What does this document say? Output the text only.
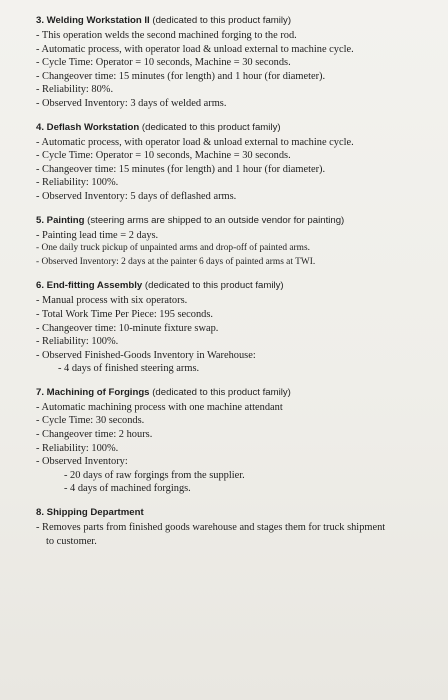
3. Welding Workstation II (dedicated to this product family)
- This operation welds the second machined forging to the rod.
- Automatic process, with operator load & unload external to machine cycle.
- Cycle Time: Operator = 10 seconds, Machine = 30 seconds.
- Changeover time: 15 minutes (for length) and 1 hour (for diameter).
- Reliability: 80%.
- Observed Inventory: 3 days of welded arms.
4. Deflash Workstation (dedicated to this product family)
- Automatic process, with operator load & unload external to machine cycle.
- Cycle Time: Operator = 10 seconds, Machine = 30 seconds.
- Changeover time: 15 minutes (for length) and 1 hour (for diameter).
- Reliability: 100%.
- Observed Inventory: 5 days of deflashed arms.
5. Painting (steering arms are shipped to an outside vendor for painting)
- Painting lead time = 2 days.
- One daily truck pickup of unpainted arms and drop-off of painted arms.
- Observed Inventory: 2 days at the painter 6 days of painted arms at TWI.
6. End-fitting Assembly (dedicated to this product family)
- Manual process with six operators.
- Total Work Time Per Piece: 195 seconds.
- Changeover time: 10-minute fixture swap.
- Reliability: 100%.
- Observed Finished-Goods Inventory in Warehouse:
- 4 days of finished steering arms.
7. Machining of Forgings (dedicated to this product family)
- Automatic machining process with one machine attendant
- Cycle Time: 30 seconds.
- Changeover time: 2 hours.
- Reliability: 100%.
- Observed Inventory:
- 20 days of raw forgings from the supplier.
- 4 days of machined forgings.
8. Shipping Department
- Removes parts from finished goods warehouse and stages them for truck shipment to customer.
